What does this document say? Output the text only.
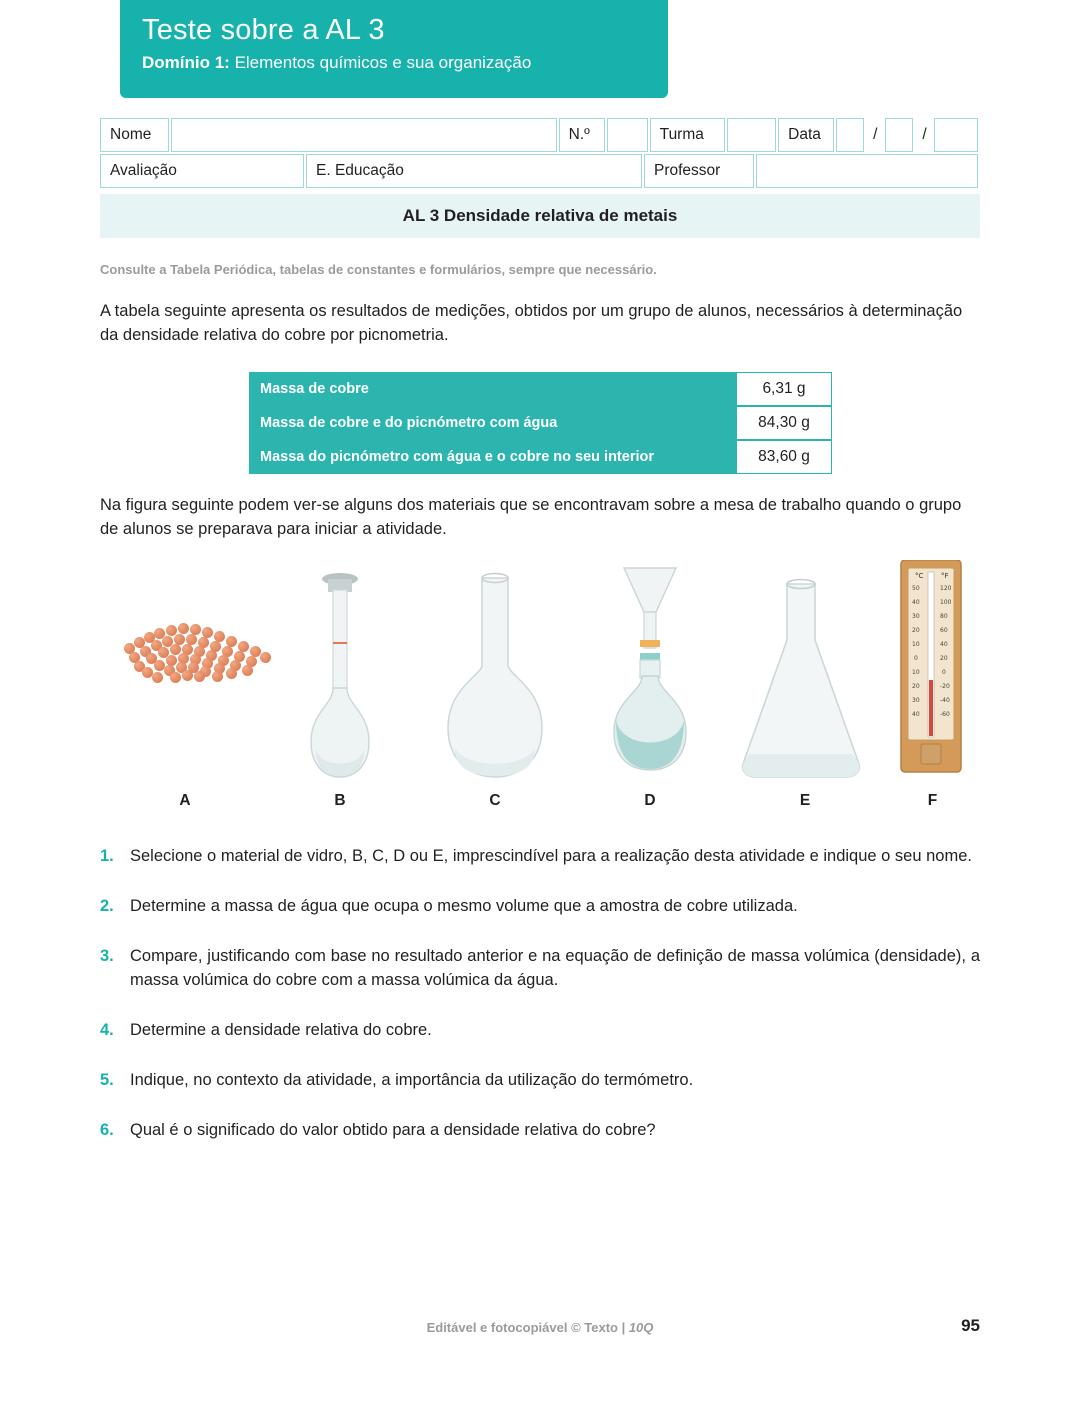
Teste sobre a AL 3
Domínio 1: Elementos químicos e sua organização
Nome	N.º	Turma	Data	/	/
Avaliação	E. Educação	Professor
AL 3 Densidade relativa de metais
Consulte a Tabela Periódica, tabelas de constantes e formulários, sempre que necessário.
A tabela seguinte apresenta os resultados de medições, obtidos por um grupo de alunos, necessários à determinação da densidade relativa do cobre por picnometria.
Massa de cobre	6,31 g
Massa de cobre e do picnómetro com água	84,30 g
Massa do picnómetro com água e o cobre no seu interior	83,60 g
Na figura seguinte podem ver-se alguns dos materiais que se encontravam sobre a mesa de trabalho quando o grupo de alunos se preparava para iniciar a atividade.
A	B	C	D	E
°C	°F
50	120
40	100
30	80
20	60
10	40
0	20
10	0
20	-20
30	-40
40	-60
F
1. Selecione o material de vidro, B, C, D ou E, imprescindível para a realização desta atividade e indique o seu nome.
2. Determine a massa de água que ocupa o mesmo volume que a amostra de cobre utilizada.
3. Compare, justificando com base no resultado anterior e na equação de definição de massa volúmica (densidade), a massa volúmica do cobre com a massa volúmica da água.
4. Determine a densidade relativa do cobre.
5. Indique, no contexto da atividade, a importância da utilização do termómetro.
6. Qual é o significado do valor obtido para a densidade relativa do cobre?
Editável e fotocopiável © Texto | 10Q	95
